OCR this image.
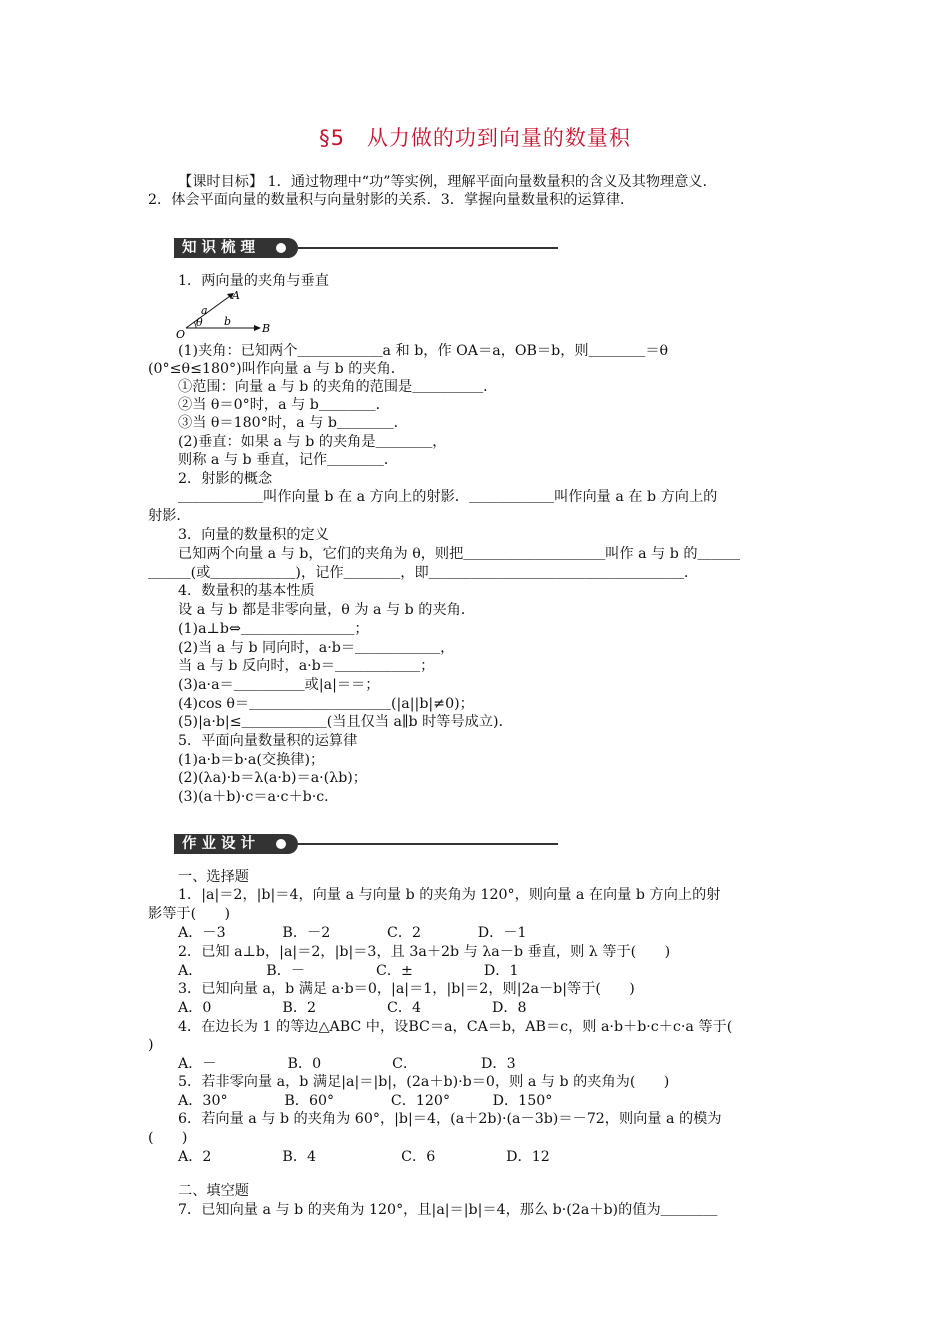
§5　从力做的功到向量的数量积
【课时目标】 1．通过物理中“功”等实例，理解平面向量数量积的含义及其物理意义．
2．体会平面向量的数量积与向量射影的关系．3．掌握向量数量积的运算律．
知识梳理
1．两向量的夹角与垂直
a
A
O
θ b
B
(1)夹角：已知两个＿＿＿＿＿＿a 和 b，作 OA＝a，OB＝b，则＿＿＿＿＝θ
(0°≤θ≤180°)叫作向量 a 与 b 的夹角．
①范围：向量 a 与 b 的夹角的范围是＿＿＿＿＿．
②当 θ＝0°时，a 与 b＿＿＿＿．
③当 θ＝180°时，a 与 b＿＿＿＿．
(2)垂直：如果 a 与 b 的夹角是＿＿＿＿，
则称 a 与 b 垂直，记作＿＿＿＿．
2．射影的概念
＿＿＿＿＿＿叫作向量 b 在 a 方向上的射影．＿＿＿＿＿＿叫作向量 a 在 b 方向上的
射影．
3．向量的数量积的定义
已知两个向量 a 与 b，它们的夹角为 θ，则把＿＿＿＿＿＿＿＿＿＿叫作 a 与 b 的＿＿＿
＿＿＿(或＿＿＿＿＿＿)，记作＿＿＿＿，即＿＿＿＿＿＿＿＿＿＿＿＿＿＿＿＿＿＿．
4．数量积的基本性质
设 a 与 b 都是非零向量，θ 为 a 与 b 的夹角．
(1)a⊥b⇔＿＿＿＿＿＿＿＿；
(2)当 a 与 b 同向时，a·b＝＿＿＿＿＿＿，
当 a 与 b 反向时，a·b＝＿＿＿＿＿＿；
(3)a·a＝＿＿＿＿＿或|a|＝＝；
(4)cos θ＝＿＿＿＿＿＿＿＿＿＿(|a||b|≠0)；
(5)|a·b|≤＿＿＿＿＿＿(当且仅当 a∥b 时等号成立)．
5．平面向量数量积的运算律
(1)a·b＝b·a(交换律)；
(2)(λa)·b＝λ(a·b)＝a·(λb)；
(3)(a＋b)·c＝a·c＋b·c．
作业设计
一、选择题
1．|a|＝2，|b|＝4，向量 a 与向量 b 的夹角为 120°，则向量 a 在向量 b 方向上的射
影等于(　　)
A．－3　　　　B．－2　　　　C．2　　　　D．－1
2．已知 a⊥b，|a|＝2，|b|＝3，且 3a＋2b 与 λa－b 垂直，则 λ 等于(　　)
A．　　　　　B．－　　　　　C．±　　　　　D．1
3．已知向量 a，b 满足 a·b＝0，|a|＝1，|b|＝2，则|2a－b|等于(　　)
A．0　　　　　B．2　　　　　C．4　　　　　D．8
4．在边长为 1 的等边△ABC 中，设BC＝a，CA＝b，AB＝c，则 a·b＋b·c＋c·a 等于(
)
A．－　　　　　B．0　　　　　C．　　　　　D．3
5．若非零向量 a，b 满足|a|＝|b|，(2a＋b)·b＝0，则 a 与 b 的夹角为(　　)
A．30°　　　　B．60°　　　　C．120°　　　D．150°
6．若向量 a 与 b 的夹角为 60°，|b|＝4，(a＋2b)·(a－3b)＝－72，则向量 a 的模为
(　　)
A．2　　　　　B．4　　　　　　C．6　　　　　D．12
二、填空题
7．已知向量 a 与 b 的夹角为 120°，且|a|＝|b|＝4，那么 b·(2a＋b)的值为＿＿＿＿
